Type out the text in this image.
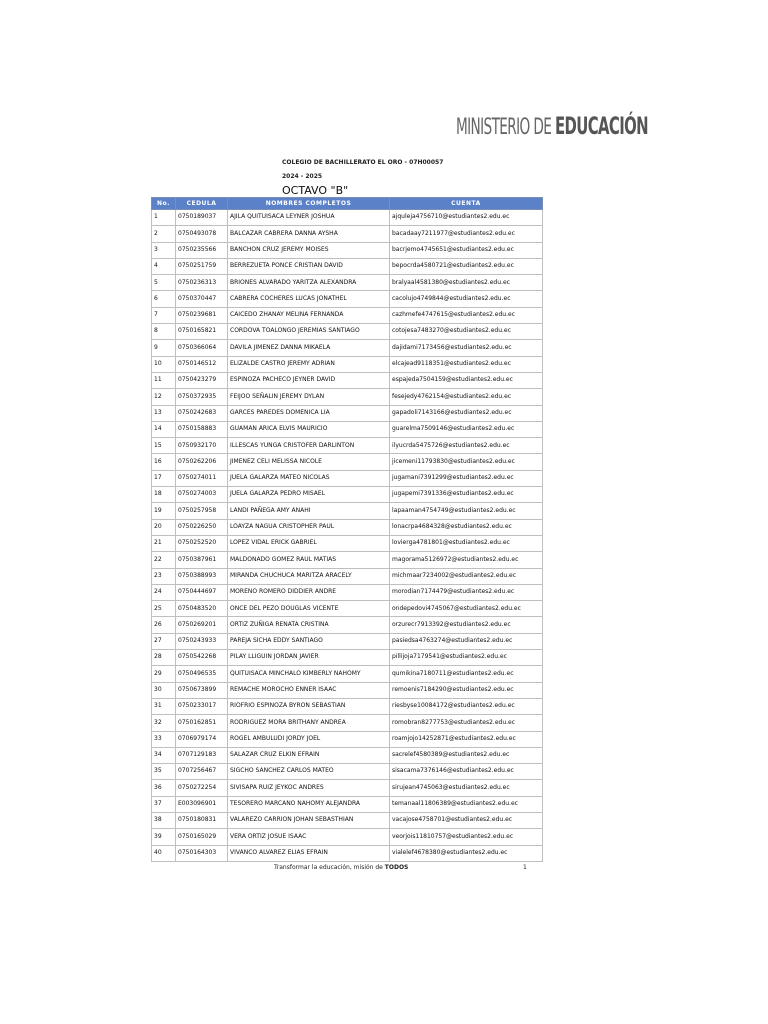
MINISTERIO DE EDUCACIÓN
COLEGIO DE BACHILLERATO EL ORO - 07H00057
2024 - 2025
OCTAVO "B"
No.	CEDULA	NOMBRES COMPLETOS	CUENTA
1	0750189037	AJILA QUITUISACA LEYNER JOSHUA	ajquleja4756710@estudiantes2.edu.ec
2	0750493078	BALCAZAR CABRERA DANNA AYSHA	bacadaay7211977@estudiantes2.edu.ec
3	0750235566	BANCHON CRUZ JEREMY MOISES	bacrjemo4745651@estudiantes2.edu.ec
4	0750251759	BERREZUETA PONCE CRISTIAN DAVID	bepocrda4580721@estudiantes2.edu.ec
5	0750236313	BRIONES ALVARADO YARITZA ALEXANDRA	bralyaal4581380@estudiantes2.edu.ec
6	0750370447	CABRERA COCHERES LUCAS JONATHEL	cacolujo4749844@estudiantes2.edu.ec
7	0750239681	CAICEDO ZHANAY MELINA FERNANDA	cazhmefe4747615@estudiantes2.edu.ec
8	0750165821	CORDOVA TOALONGO JEREMIAS SANTIAGO	cotojesa7483270@estudiantes2.edu.ec
9	0750366064	DAVILA JIMENEZ DANNA MIKAELA	dajidami7173456@estudiantes2.edu.ec
10	0750146512	ELIZALDE CASTRO JEREMY ADRIAN	elcajead9118351@estudiantes2.edu.ec
11	0750423279	ESPINOZA PACHECO JEYNER DAVID	espajeda7504159@estudiantes2.edu.ec
12	0750372935	FEIJOO SEÑALIN JEREMY DYLAN	fesejedy4762154@estudiantes2.edu.ec
13	0750242683	GARCES PAREDES DOMENICA LIA	gapadoli7143166@estudiantes2.edu.ec
14	0750158883	GUAMAN ARICA ELVIS MAURICIO	guarelma7509146@estudiantes2.edu.ec
15	0750932170	ILLESCAS YUNGA CRISTOFER DARLINTON	ilyucrda5475726@estudiantes2.edu.ec
16	0750262206	JIMENEZ CELI MELISSA NICOLE	jicemeni11793830@estudiantes2.edu.ec
17	0750274011	JUELA GALARZA MATEO NICOLAS	jugamani7391299@estudiantes2.edu.ec
18	0750274003	JUELA GALARZA PEDRO MISAEL	jugapemi7391336@estudiantes2.edu.ec
19	0750257958	LANDI PAÑEGA AMY ANAHI	lapaaman4754749@estudiantes2.edu.ec
20	0750226250	LOAYZA NAGUA CRISTOPHER PAUL	lonacrpa4684328@estudiantes2.edu.ec
21	0750252520	LOPEZ VIDAL ERICK GABRIEL	lovierga4781801@estudiantes2.edu.ec
22	0750387961	MALDONADO GOMEZ RAUL MATIAS	magorama5126972@estudiantes2.edu.ec
23	0750388993	MIRANDA CHUCHUCA MARITZA ARACELY	michmaar7234002@estudiantes2.edu.ec
24	0750444697	MORENO ROMERO DIDDIER ANDRE	morodian7174479@estudiantes2.edu.ec
25	0750483520	ONCE DEL PEZO DOUGLAS VICENTE	ondepedovi4745067@estudiantes2.edu.ec
26	0750269201	ORTIZ ZUÑIGA RENATA CRISTINA	orzurecr7913392@estudiantes2.edu.ec
27	0750243933	PAREJA SICHA EDDY SANTIAGO	pasiedsa4763274@estudiantes2.edu.ec
28	0750542268	PILAY LLIGUIN JORDAN JAVIER	pillijoja7179541@estudiantes2.edu.ec
29	0750496535	QUITUISACA MINCHALO KIMBERLY NAHOMY	qumikina7180711@estudiantes2.edu.ec
30	0750673899	REMACHE MOROCHO ENNER ISAAC	remoenis7184290@estudiantes2.edu.ec
31	0750233017	RIOFRIO ESPINOZA BYRON SEBASTIAN	riesbyse10084172@estudiantes2.edu.ec
32	0750162851	RODRIGUEZ MORA BRITHANY ANDREA	romobran8277753@estudiantes2.edu.ec
33	0706979174	ROGEL AMBULUDI JORDY JOEL	roamjojo14252871@estudiantes2.edu.ec
34	0707129183	SALAZAR CRUZ ELKIN EFRAIN	sacrelef4580389@estudiantes2.edu.ec
35	0707256467	SIGCHO SANCHEZ CARLOS MATEO	sisacama7376146@estudiantes2.edu.ec
36	0750272254	SIVISAPA RUIZ JEYKOC ANDRES	sirujean4745063@estudiantes2.edu.ec
37	E003096901	TESORERO MARCANO NAHOMY ALEJANDRA	temanaal11806389@estudiantes2.edu.ec
38	0750180831	VALAREZO CARRION JOHAN SEBASTHIAN	vacajose4758701@estudiantes2.edu.ec
39	0750165029	VERA ORTIZ JOSUE ISAAC	veorjois11810757@estudiantes2.edu.ec
40	0750164303	VIVANCO ALVAREZ ELIAS EFRAIN	vialelef4678380@estudiantes2.edu.ec
Transformar la educación, misión de TODOS	1
